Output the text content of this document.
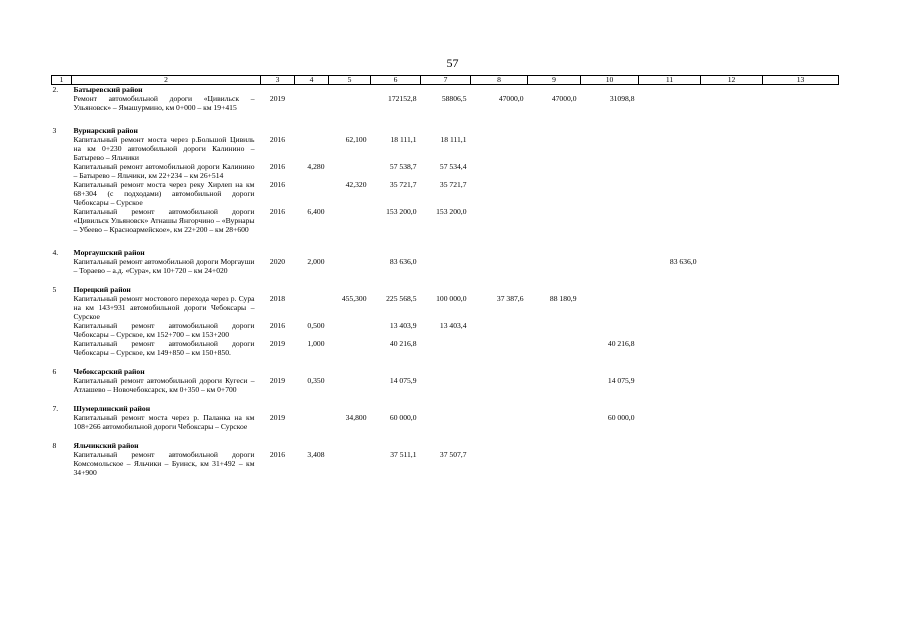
57
1	2	3	4	5	6	7	8	9	10	11	12	13
2.	Батыревский район											
	Ремонт автомобильной дороги «Цивильск – Ульяновск» – Ямашурмино, км 0+000 – км 19+415	2019			172152,8	58806,5	47000,0	47000,0	31098,8			

3	Вурнарский район											
	Капитальный ремонт моста через р.Большой Цивиль на км 0+230 автомобильной дороги Калинино – Батырево – Яльчики	2016		62,100	18 111,1	18 111,1						
	Капитальный ремонт автомобильной дороги Калинино – Батырево – Яльчики, км 22+234 – км 26+514	2016	4,280		57 538,7	57 534,4						
	Капитальный ремонт моста через реку Хирлеп на км 68+304 (с подходами) автомобильной дороги Чебоксары – Сурское	2016		42,320	35 721,7	35 721,7						
	Капитальный ремонт автомобильной дороги «Цивильск Ульяновск» Атнашы Янгорчино – «Вурнары – Убеево – Красноармейское», км 22+200 – км 28+600	2016	6,400		153 200,0	153 200,0						

4.	Моргаушский район											
	Капитальный ремонт автомобильной дороги Моргауши – Тораево – а.д. «Сура», км 10+720 – км 24+020	2020	2,000		83 636,0					83 636,0		

5	Порецкий район											
	Капитальный ремонт мостового перехода через р. Сура на км 143+931 автомобильной дороги Чебоксары – Сурское	2018		455,300	225 568,5	100 000,0	37 387,6	88 180,9				
	Капитальный ремонт автомобильной дороги Чебоксары – Сурское, км 152+700 – км 153+200	2016	0,500		13 403,9	13 403,4						
	Капитальный ремонт автомобильной дороги Чебоксары – Сурское, км 149+850 – км 150+850.	2019	1,000		40 216,8				40 216,8			

6	Чебоксарский район											
	Капитальный ремонт автомобильной дороги Кугеси – Атлашево – Новочебоксарск, км 0+350 – км 0+700	2019	0,350		14 075,9				14 075,9			

7.	Шумерлинский район											
	Капитальный ремонт моста через р. Паланка на км 108+266 автомобильной дороги Чебоксары – Сурское	2019		34,800	60 000,0				60 000,0			

8	Яльчикский район											
	Капитальный ремонт автомобильной дороги Комсомольское – Яльчики – Буинск, км 31+492 – км 34+900	2016	3,408		37 511,1	37 507,7						
